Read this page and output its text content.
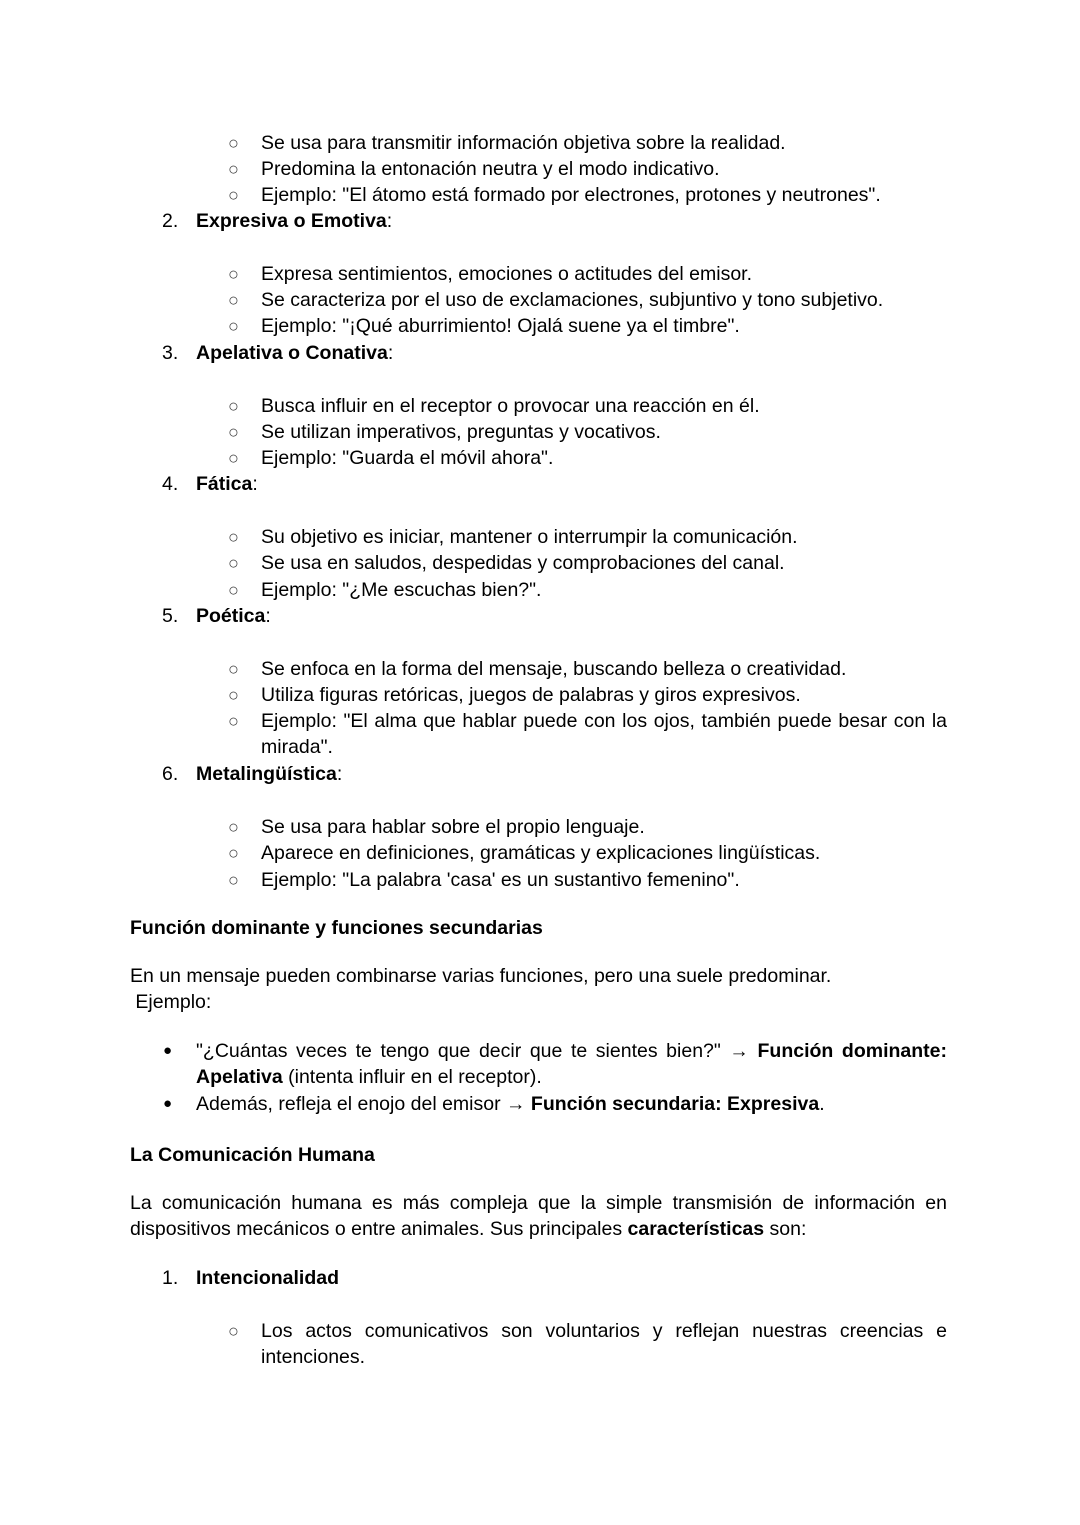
○ Se usa para transmitir información objetiva sobre la realidad.
○ Predomina la entonación neutra y el modo indicativo.
○ Ejemplo: "El átomo está formado por electrones, protones y neutrones".
2. Expresiva o Emotiva:
○ Expresa sentimientos, emociones o actitudes del emisor.
○ Se caracteriza por el uso de exclamaciones, subjuntivo y tono subjetivo.
○ Ejemplo: "¡Qué aburrimiento! Ojalá suene ya el timbre".
3. Apelativa o Conativa:
○ Busca influir en el receptor o provocar una reacción en él.
○ Se utilizan imperativos, preguntas y vocativos.
○ Ejemplo: "Guarda el móvil ahora".
4. Fática:
○ Su objetivo es iniciar, mantener o interrumpir la comunicación.
○ Se usa en saludos, despedidas y comprobaciones del canal.
○ Ejemplo: "¿Me escuchas bien?".
5. Poética:
○ Se enfoca en la forma del mensaje, buscando belleza o creatividad.
○ Utiliza figuras retóricas, juegos de palabras y giros expresivos.
○ Ejemplo: "El alma que hablar puede con los ojos, también puede besar con la
mirada".
6. Metalingüística:
○ Se usa para hablar sobre el propio lenguaje.
○ Aparece en definiciones, gramáticas y explicaciones lingüísticas.
○ Ejemplo: "La palabra 'casa' es un sustantivo femenino".
Función dominante y funciones secundarias
En un mensaje pueden combinarse varias funciones, pero una suele predominar.
Ejemplo:
● "¿Cuántas veces te tengo que decir que te sientes bien?" → Función dominante:
Apelativa (intenta influir en el receptor).
● Además, refleja el enojo del emisor → Función secundaria: Expresiva.
La Comunicación Humana
La comunicación humana es más compleja que la simple transmisión de información en
dispositivos mecánicos o entre animales. Sus principales características son:
1. Intencionalidad
○ Los actos comunicativos son voluntarios y reflejan nuestras creencias e
intenciones.
